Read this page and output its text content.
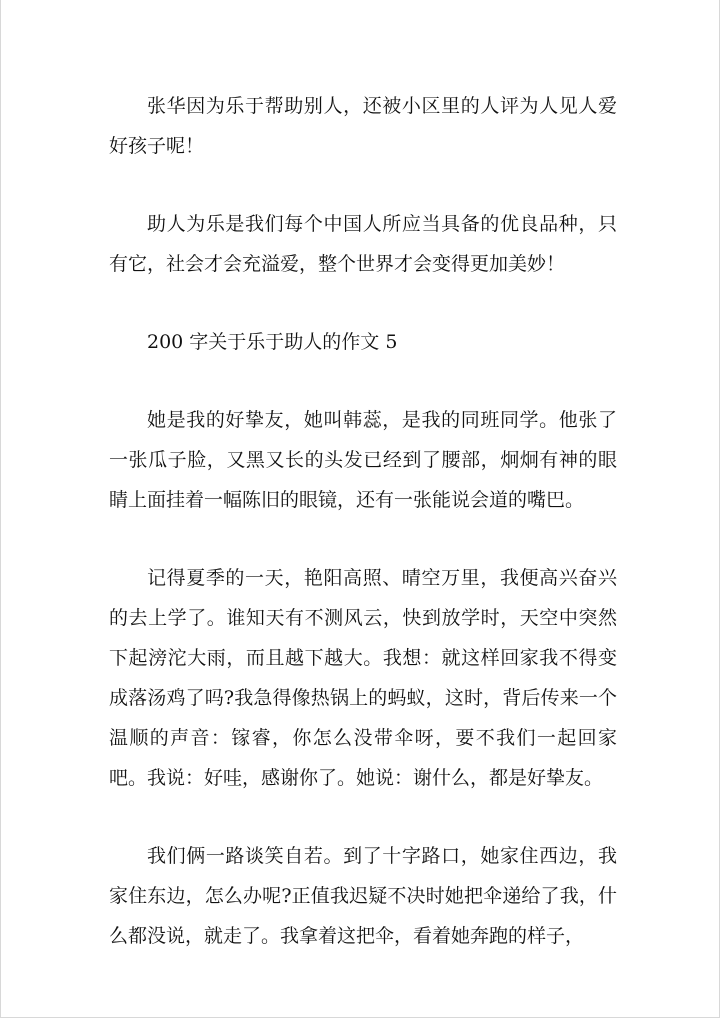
张华因为乐于帮助别人，还被小区里的人评为人见人爱好孩子呢！

助人为乐是我们每个中国人所应当具备的优良品种，只有它，社会才会充溢爱，整个世界才会变得更加美妙！

200 字关于乐于助人的作文 5

她是我的好挚友，她叫韩蕊，是我的同班同学。他张了一张瓜子脸，又黑又长的头发已经到了腰部，炯炯有神的眼睛上面挂着一幅陈旧的眼镜，还有一张能说会道的嘴巴。

记得夏季的一天，艳阳高照、晴空万里，我便高兴奋兴的去上学了。谁知天有不测风云，快到放学时，天空中突然下起滂沱大雨，而且越下越大。我想：就这样回家我不得变成落汤鸡了吗?我急得像热锅上的蚂蚁，这时，背后传来一个温顺的声音：镓睿，你怎么没带伞呀，要不我们一起回家吧。我说：好哇，感谢你了。她说：谢什么，都是好挚友。

我们俩一路谈笑自若。到了十字路口，她家住西边，我家住东边，怎么办呢?正值我迟疑不决时她把伞递给了我，什么都没说，就走了。我拿着这把伞，看着她奔跑的样子，
